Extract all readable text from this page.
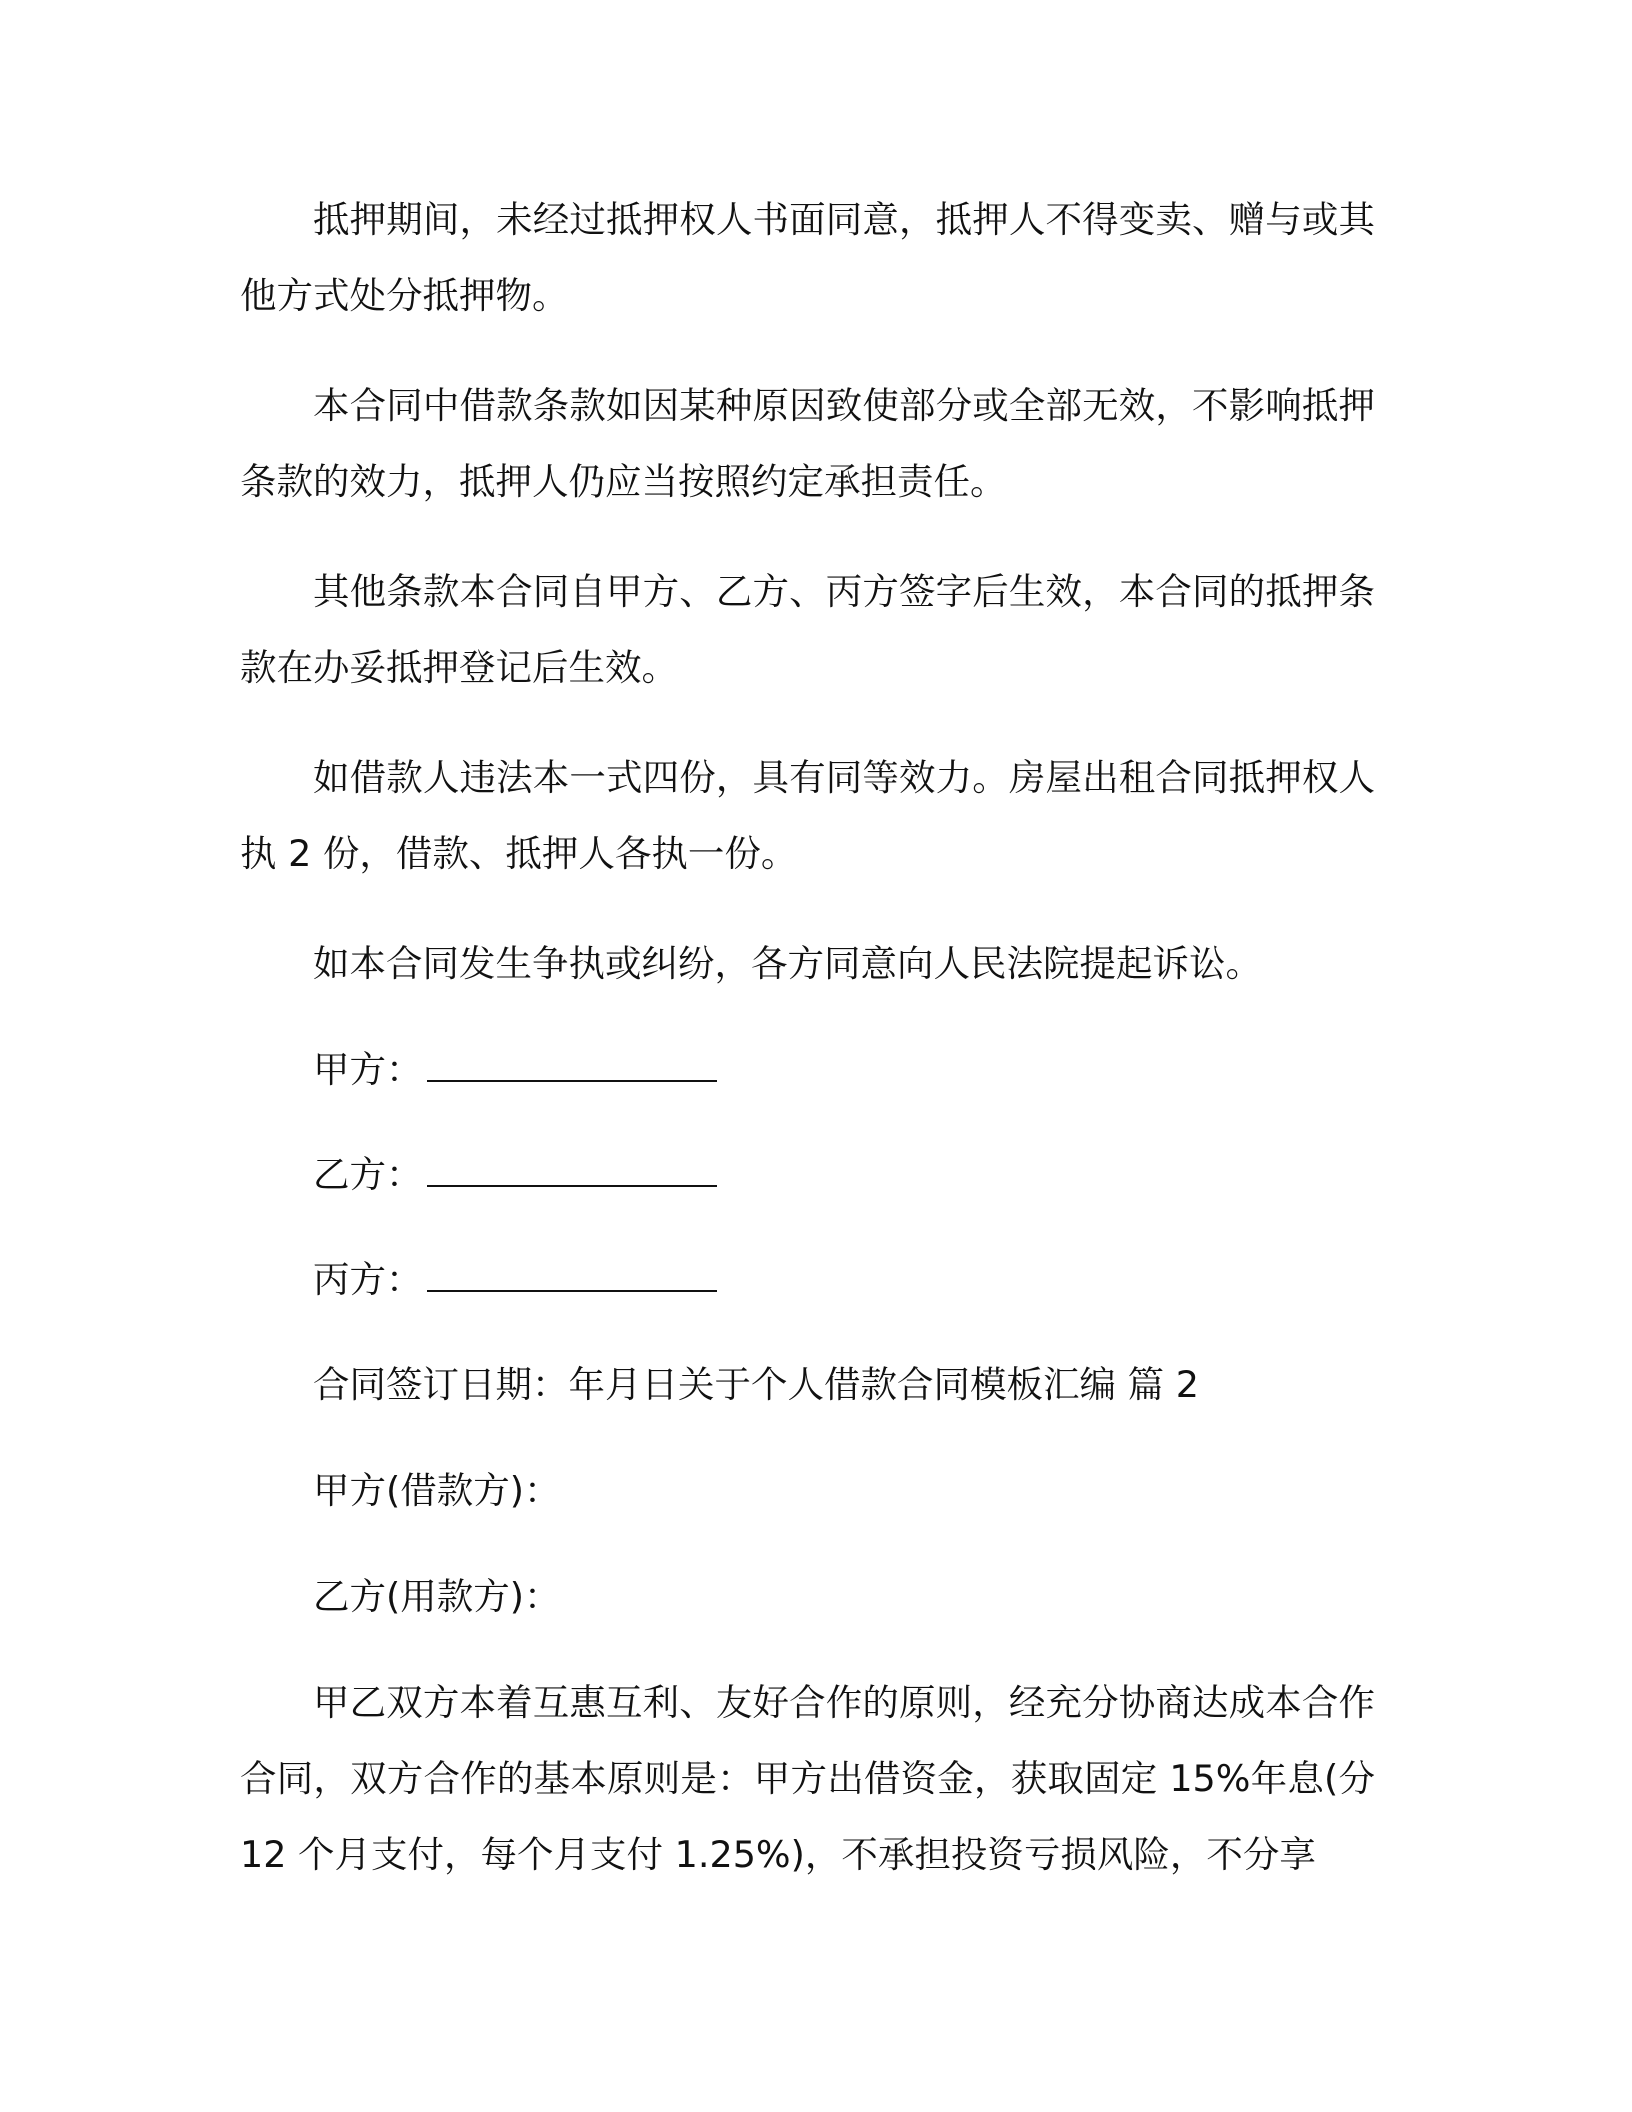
抵押期间，未经过抵押权人书面同意，抵押人不得变卖、赠与或其他方式处分抵押物。

本合同中借款条款如因某种原因致使部分或全部无效，不影响抵押条款的效力，抵押人仍应当按照约定承担责任。

其他条款本合同自甲方、乙方、丙方签字后生效，本合同的抵押条款在办妥抵押登记后生效。

如借款人违法本一式四份，具有同等效力。房屋出租合同抵押权人执 2 份，借款、抵押人各执一份。

如本合同发生争执或纠纷，各方同意向人民法院提起诉讼。

甲方：
乙方：
丙方：

合同签订日期：年月日关于个人借款合同模板汇编 篇 2

甲方(借款方)：

乙方(用款方)：

甲乙双方本着互惠互利、友好合作的原则，经充分协商达成本合作合同，双方合作的基本原则是：甲方出借资金，获取固定 15%年息(分 12 个月支付，每个月支付 1.25%)，不承担投资亏损风险，不分享
